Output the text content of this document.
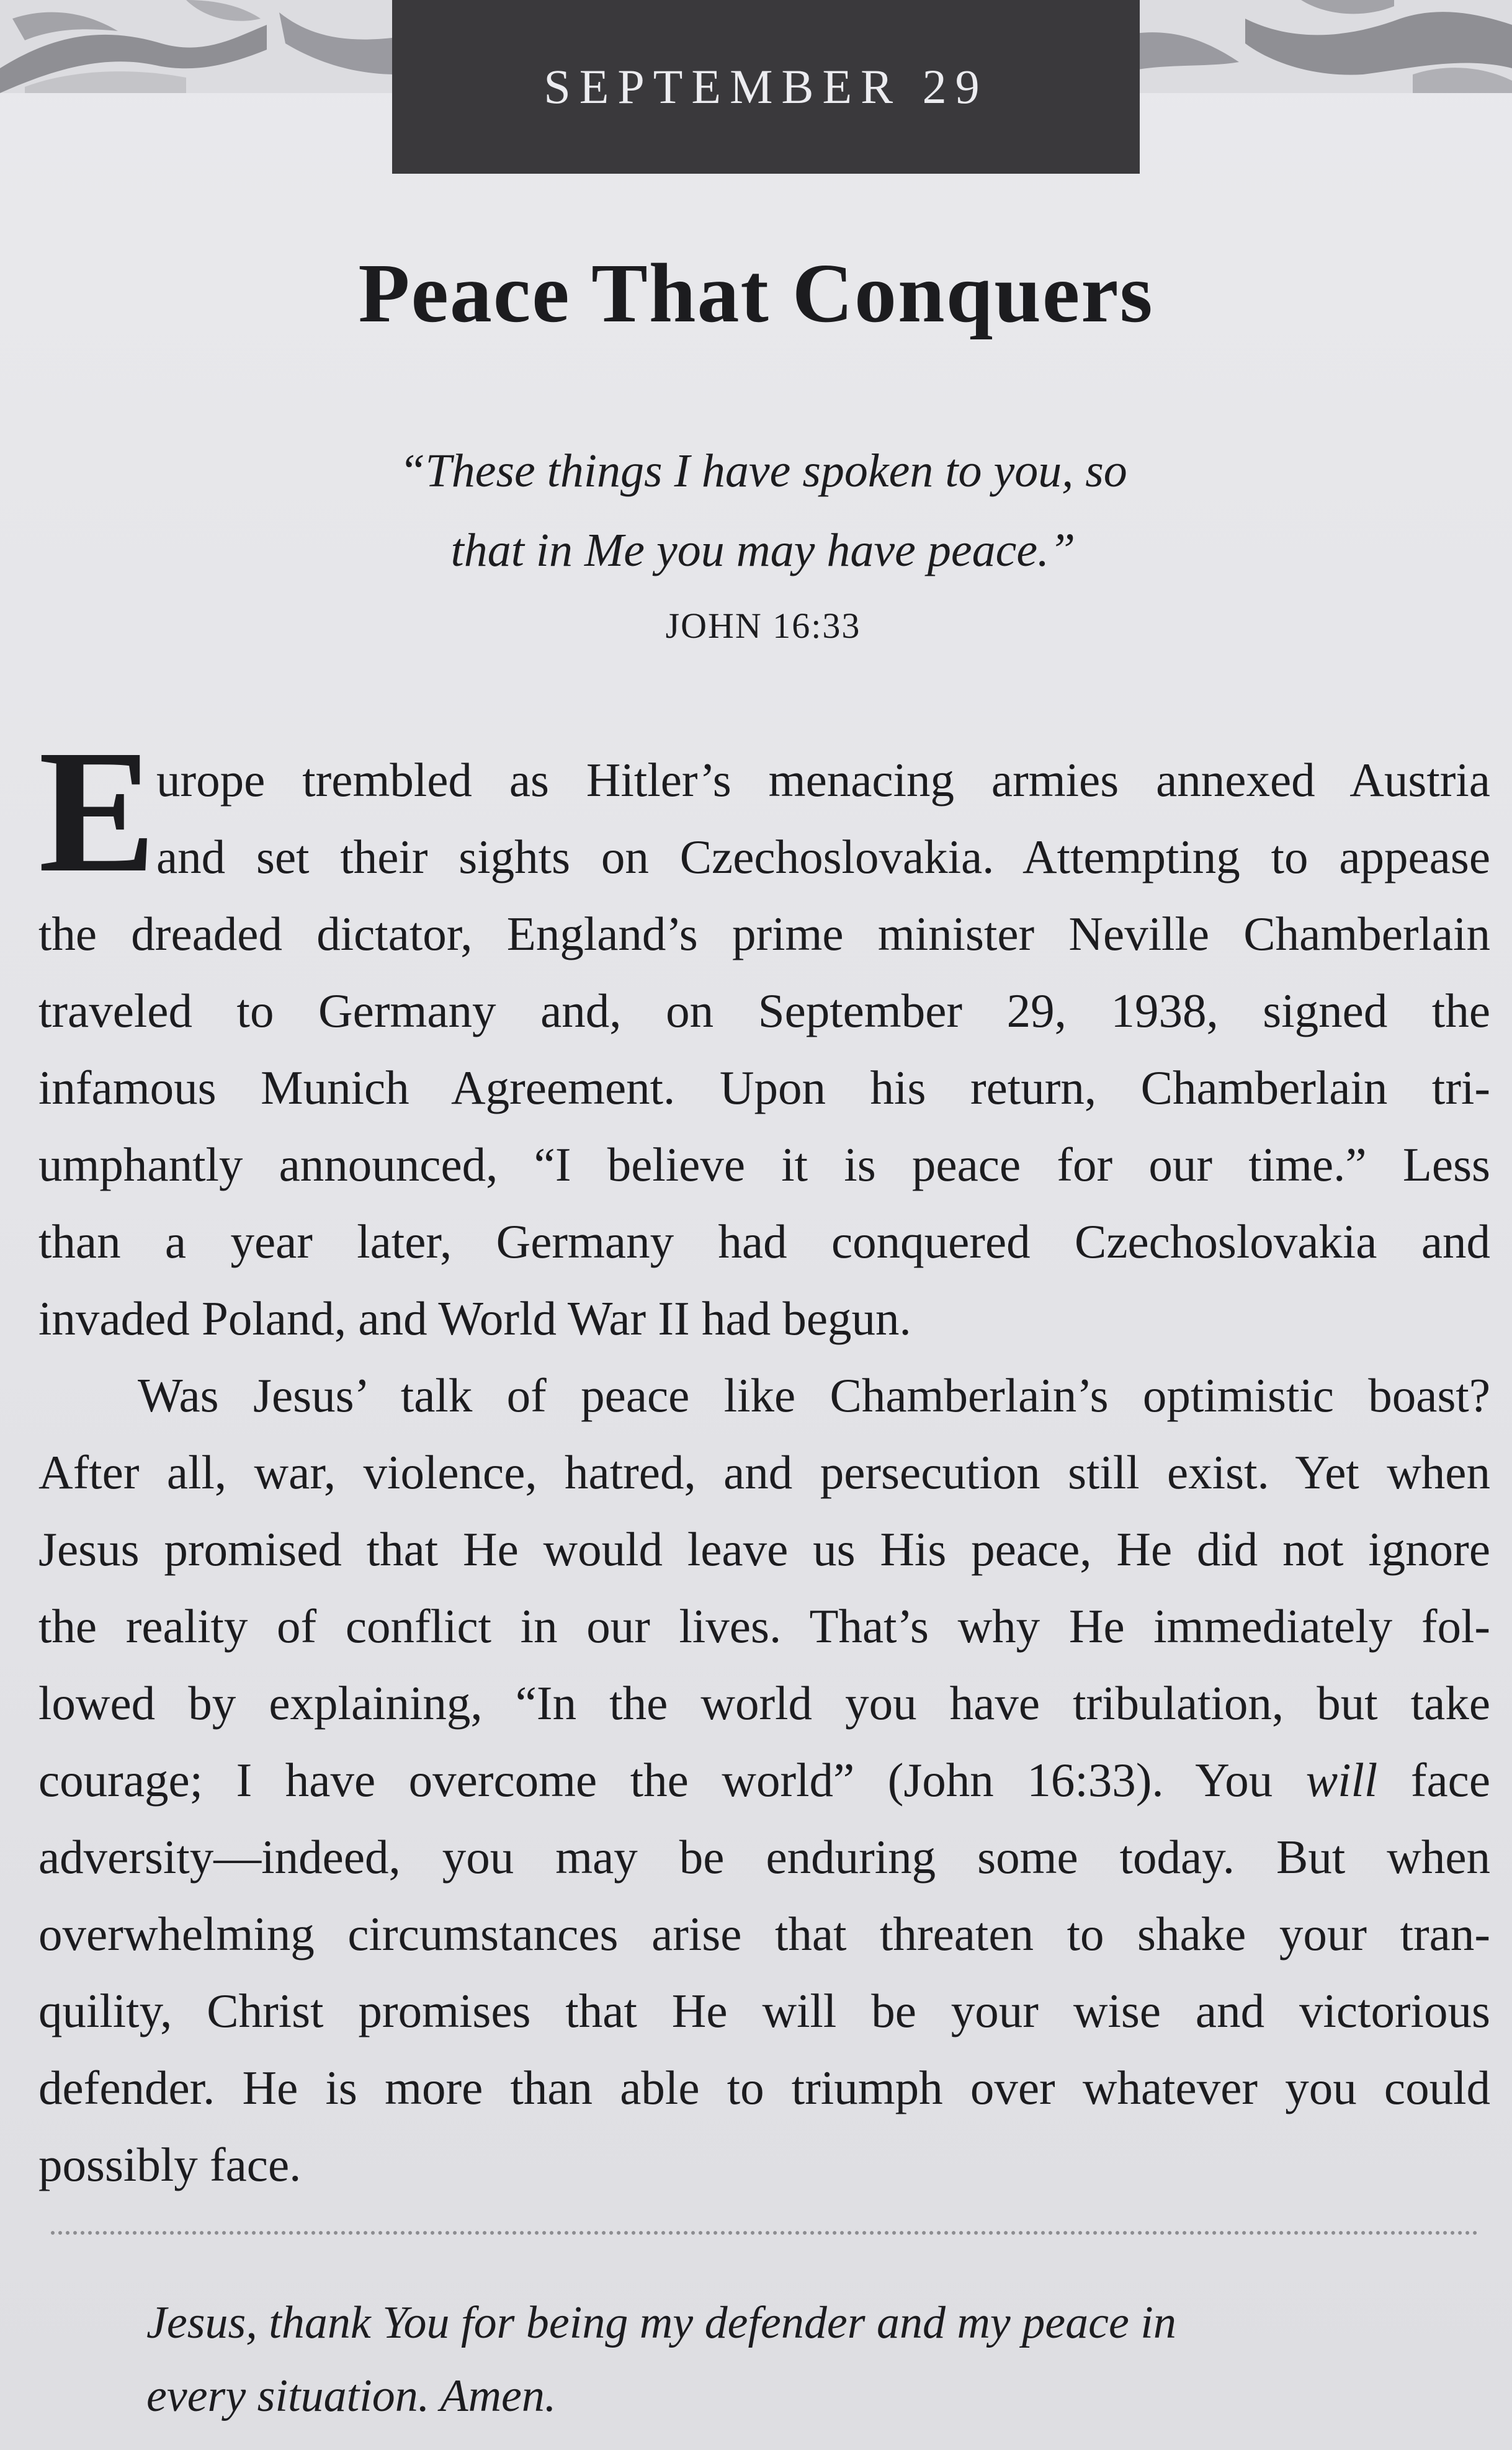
SEPTEMBER 29
Peace That Conquers
“These things I have spoken to you, so
that in Me you may have peace.”
JOHN 16:33
E urope trembled as Hitler’s menacing armies annexed Austria
and set their sights on Czechoslovakia. Attempting to appease
the dreaded dictator, England’s prime minister Neville Chamberlain
traveled to Germany and, on September 29, 1938, signed the
infamous Munich Agreement. Upon his return, Chamberlain tri-
umphantly announced, “I believe it is peace for our time.” Less
than a year later, Germany had conquered Czechoslovakia and
invaded Poland, and World War II had begun.
Was Jesus’ talk of peace like Chamberlain’s optimistic boast?
After all, war, violence, hatred, and persecution still exist. Yet when
Jesus promised that He would leave us His peace, He did not ignore
the reality of conflict in our lives. That’s why He immediately fol-
lowed by explaining, “In the world you have tribulation, but take
courage; I have overcome the world” (John 16:33). You will face
adversity—indeed, you may be enduring some today. But when
overwhelming circumstances arise that threaten to shake your tran-
quility, Christ promises that He will be your wise and victorious
defender. He is more than able to triumph over whatever you could
possibly face.
Jesus, thank You for being my defender and my peace in
every situation. Amen.
